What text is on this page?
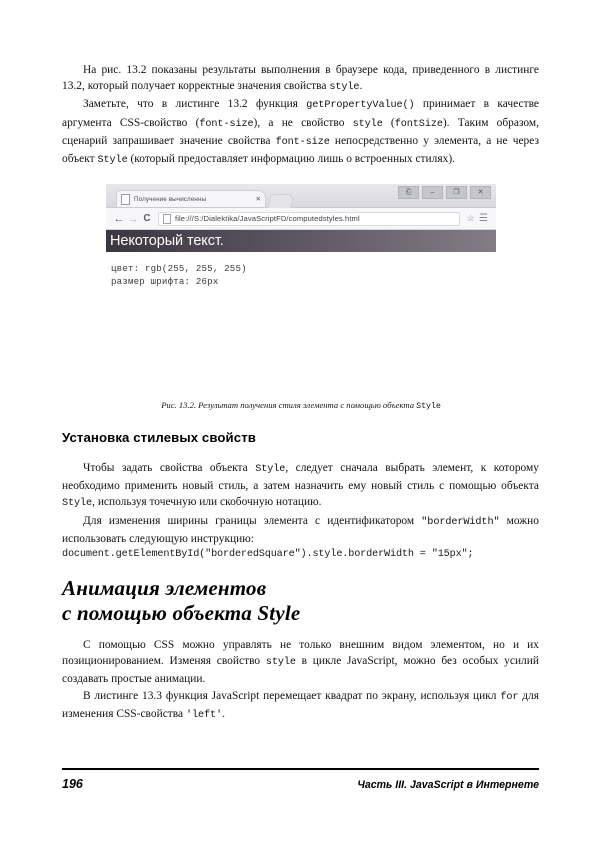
На рис. 13.2 показаны результаты выполнения в браузере кода, приведенного в листинге 13.2, который получает корректные значения свойства style.

Заметьте, что в листинге 13.2 функция getPropertyValue() принимает в качестве аргумента CSS-свойство (font-size), а не свойство style (fontSize). Таким образом, сценарий запрашивает значение свойства font-size непосредственно у элемента, а не через объект Style (который предоставляет информацию лишь о встроенных стилях).

Получение вычисленны	✕
⎗	–	❐	✕
← → C	file:///S:/Dialektika/JavaScriptFD/computedstyles.html	☆ ☰
Некоторый текст.
цвет: rgb(255, 255, 255)
размер шрифта: 26px
Рис. 13.2. Результат получения стиля элемента с помощью объекта Style
Установка стилевых свойств

Чтобы задать свойства объекта Style, следует сначала выбрать элемент, к которому необходимо применить новый стиль, а затем назначить ему новый стиль с помощью объекта Style, используя точечную или скобочную нотацию.

Для изменения ширины границы элемента с идентификатором "borderWidth" можно использовать следующую инструкцию:

document.getElementById("borderedSquare").style.borderWidth = "15px";
Анимация элементов
с помощью объекта Style

С помощью CSS можно управлять не только внешним видом элементом, но и их позиционированием. Изменяя свойство style в цикле JavaScript, можно без особых усилий создавать простые анимации.

В листинге 13.3 функция JavaScript перемещает квадрат по экрану, используя цикл for для изменения CSS-свойства 'left'.

196	Часть III. JavaScript в Интернете
